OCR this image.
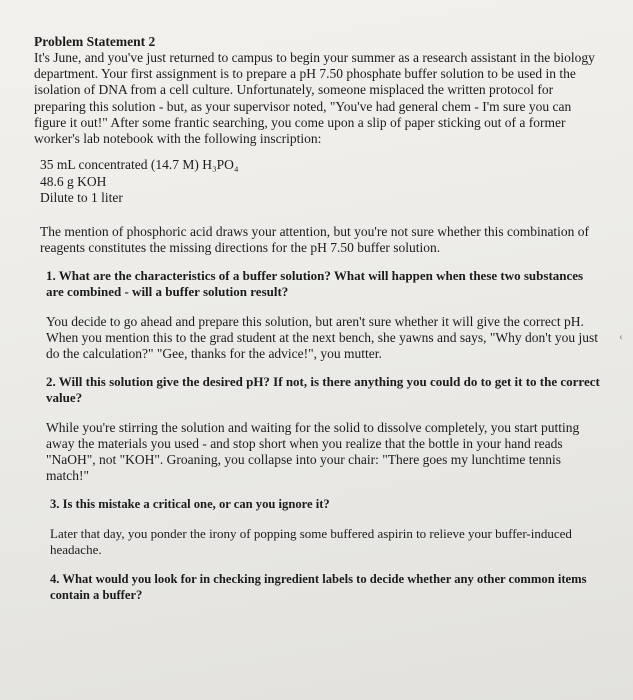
Problem Statement 2

It's June, and you've just returned to campus to begin your summer as a research assistant in the biology department. Your first assignment is to prepare a pH 7.50 phosphate buffer solution to be used in the isolation of DNA from a cell culture. Unfortunately, someone misplaced the written protocol for preparing this solution - but, as your supervisor noted, "You've had general chem - I'm sure you can figure it out!" After some frantic searching, you come upon a slip of paper sticking out of a former worker's lab notebook with the following inscription:

35 mL concentrated (14.7 M) H₃PO₄
48.6 g KOH
Dilute to 1 liter

The mention of phosphoric acid draws your attention, but you're not sure whether this combination of reagents constitutes the missing directions for the pH 7.50 buffer solution.

1. What are the characteristics of a buffer solution? What will happen when these two substances are combined - will a buffer solution result?

You decide to go ahead and prepare this solution, but aren't sure whether it will give the correct pH. When you mention this to the grad student at the next bench, she yawns and says, "Why don't you just do the calculation?" "Gee, thanks for the advice!", you mutter.

2. Will this solution give the desired pH? If not, is there anything you could do to get it to the correct value?

While you're stirring the solution and waiting for the solid to dissolve completely, you start putting away the materials you used - and stop short when you realize that the bottle in your hand reads "NaOH", not "KOH". Groaning, you collapse into your chair: "There goes my lunchtime tennis match!"

3. Is this mistake a critical one, or can you ignore it?

Later that day, you ponder the irony of popping some buffered aspirin to relieve your buffer-induced headache.

4. What would you look for in checking ingredient labels to decide whether any other common items contain a buffer?

‹
